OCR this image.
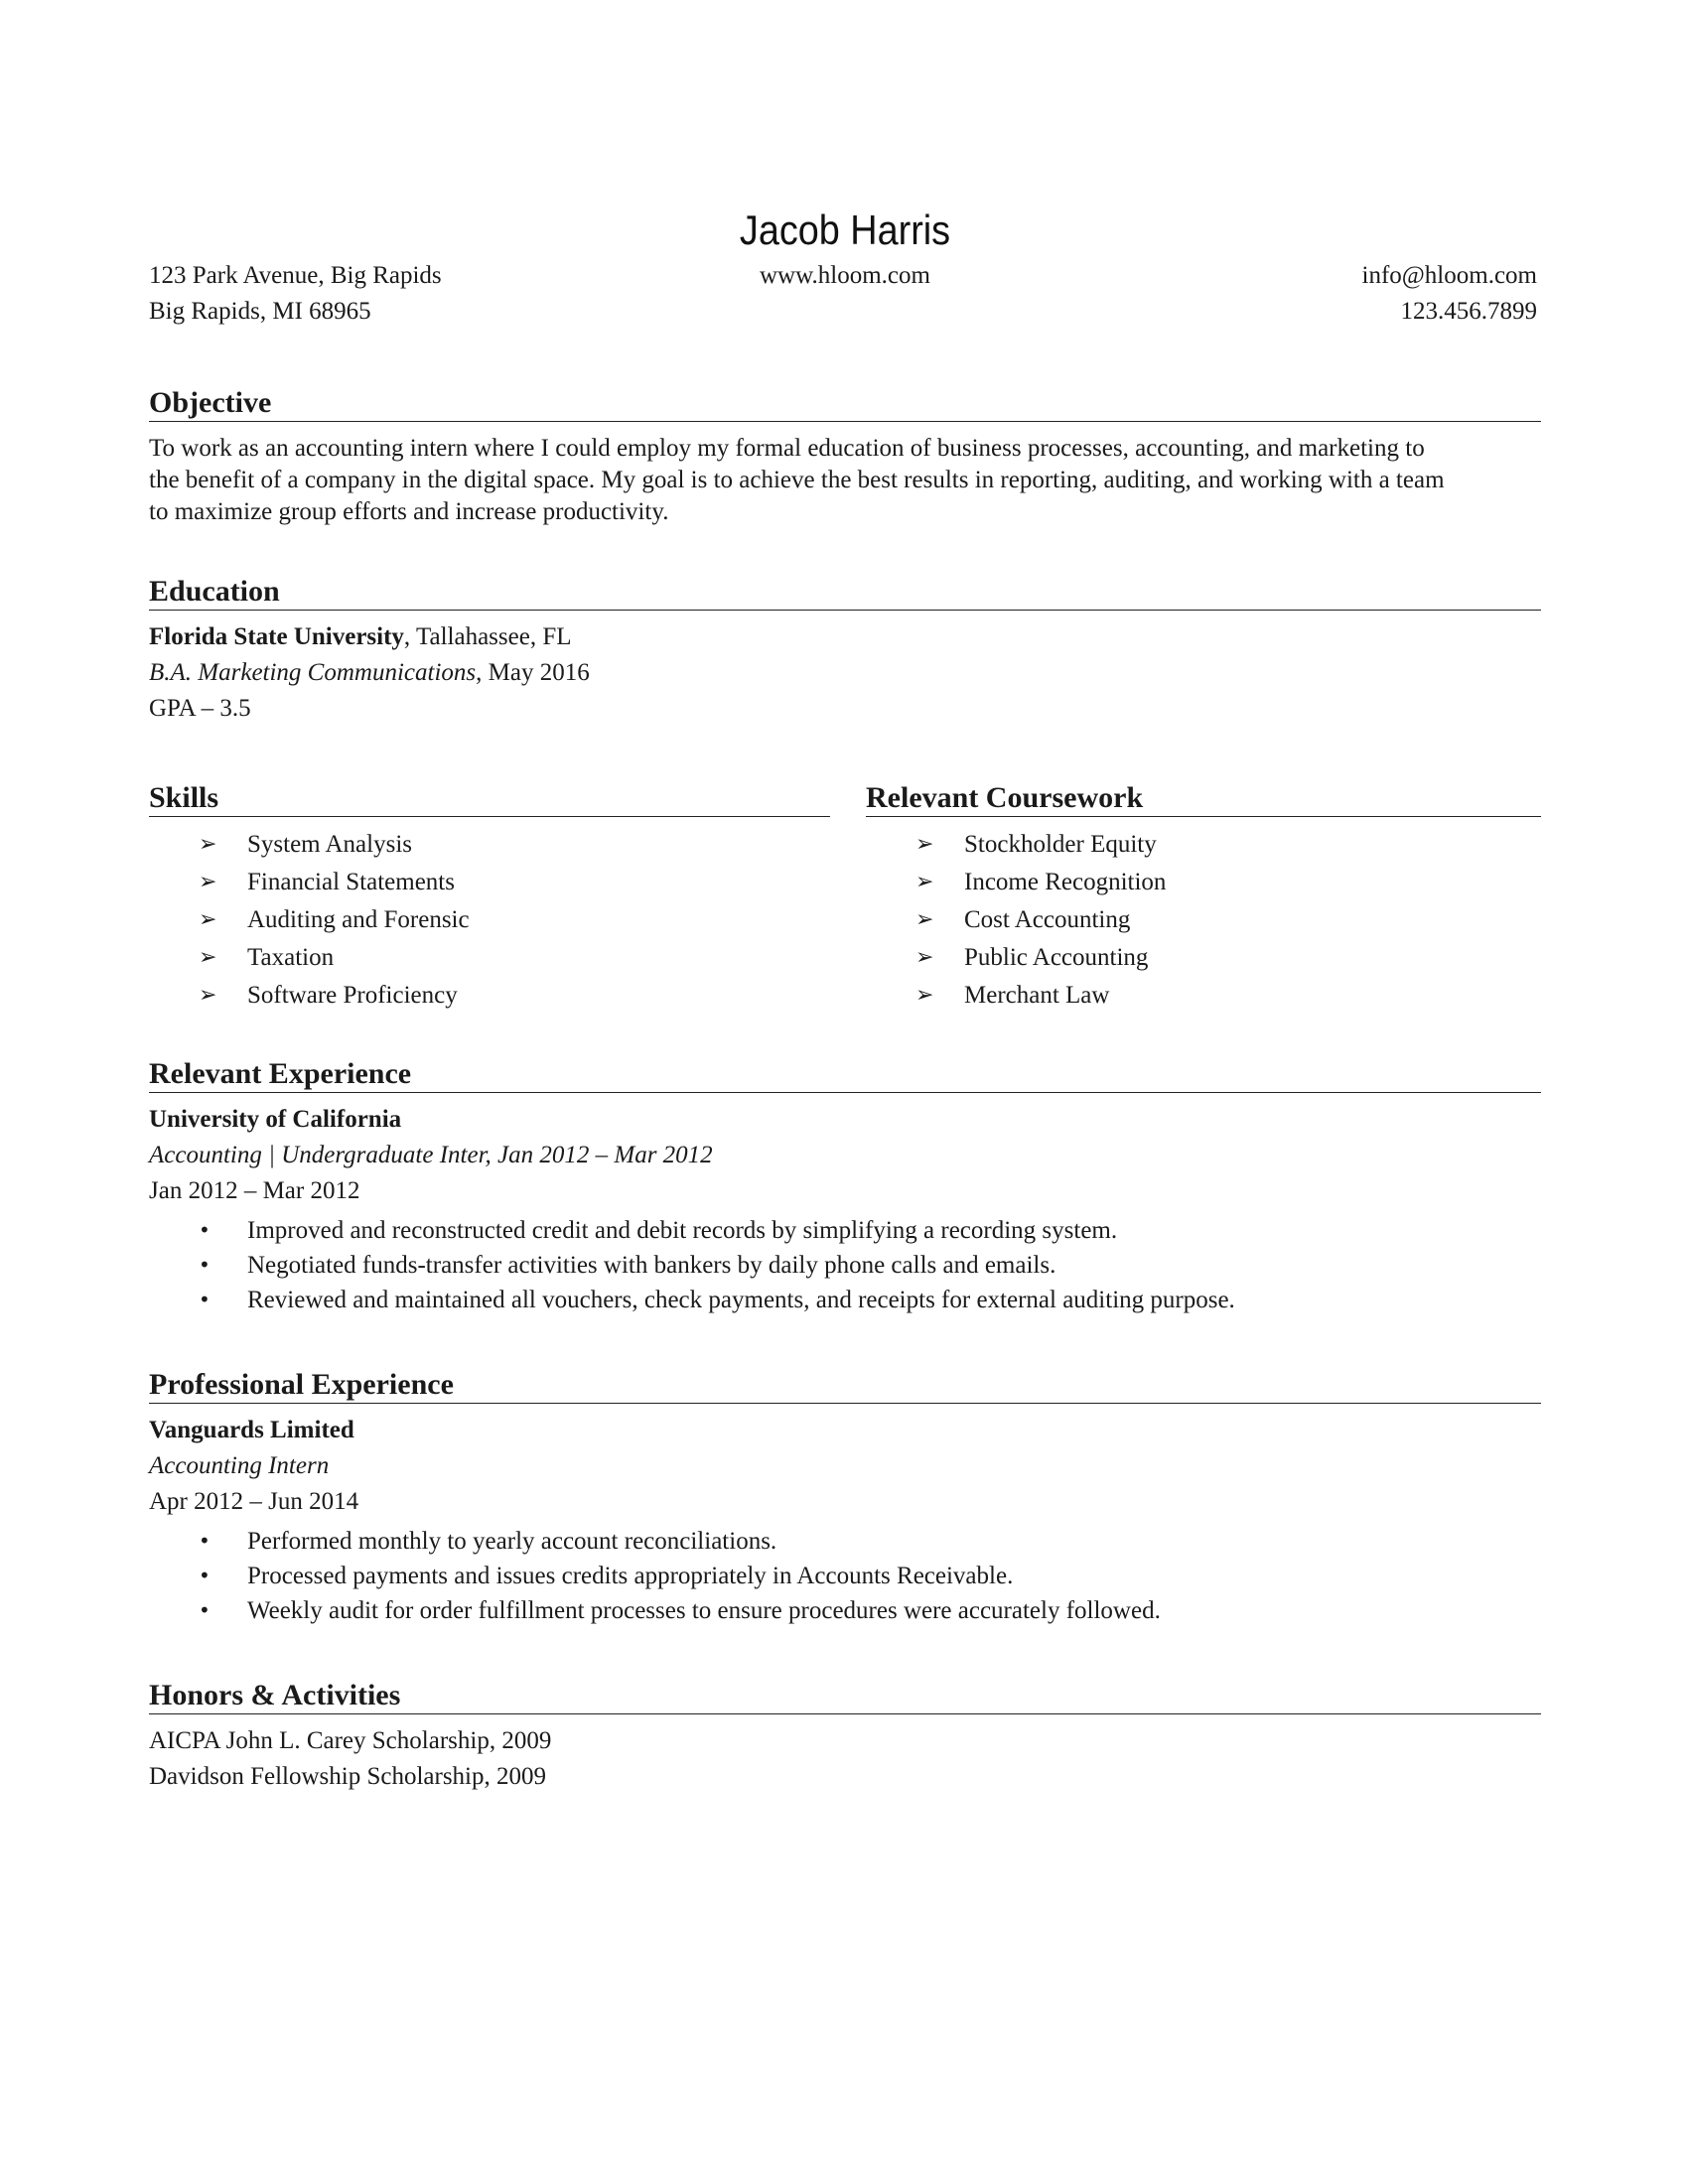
Jacob Harris
123 Park Avenue, Big Rapids	www.hloom.com	info@hloom.com
Big Rapids, MI 68965	123.456.7899
Objective
To work as an accounting intern where I could employ my formal education of business processes, accounting, and marketing to
the benefit of a company in the digital space. My goal is to achieve the best results in reporting, auditing, and working with a team
to maximize group efforts and increase productivity.
Education
Florida State University, Tallahassee, FL
B.A. Marketing Communications, May 2016
GPA – 3.5
Skills	Relevant Coursework
➢ System Analysis
➢ Financial Statements
➢ Auditing and Forensic
➢ Taxation
➢ Software Proficiency
➢ Stockholder Equity
➢ Income Recognition
➢ Cost Accounting
➢ Public Accounting
➢ Merchant Law
Relevant Experience
University of California
Accounting | Undergraduate Inter, Jan 2012 – Mar 2012
Jan 2012 – Mar 2012
• Improved and reconstructed credit and debit records by simplifying a recording system.
• Negotiated funds-transfer activities with bankers by daily phone calls and emails.
• Reviewed and maintained all vouchers, check payments, and receipts for external auditing purpose.
Professional Experience
Vanguards Limited
Accounting Intern
Apr 2012 – Jun 2014
• Performed monthly to yearly account reconciliations.
• Processed payments and issues credits appropriately in Accounts Receivable.
• Weekly audit for order fulfillment processes to ensure procedures were accurately followed.
Honors & Activities
AICPA John L. Carey Scholarship, 2009
Davidson Fellowship Scholarship, 2009
